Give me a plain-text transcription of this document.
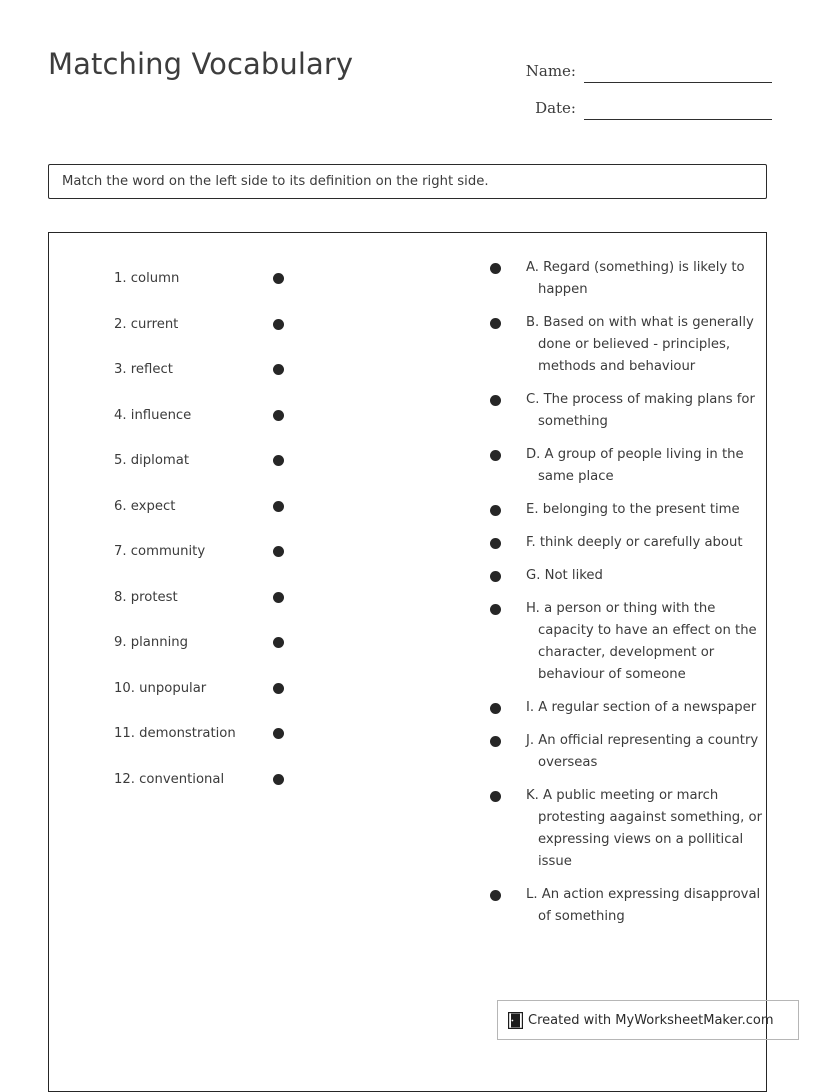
Matching Vocabulary	Name:
Date:
Match the word on the left side to its definition on the right side.
1. column
2. current
3. reflect
4. influence
5. diplomat
6. expect
7. community
8. protest
9. planning
10. unpopular
11. demonstration
12. conventional
A. Regard (something) is likely to happen
B. Based on with what is generally done or believed - principles, methods and behaviour
C. The process of making plans for something
D. A group of people living in the same place
E. belonging to the present time
F. think deeply or carefully about
G. Not liked
H. a person or thing with the capacity to have an effect on the character, development or behaviour of someone
I. A regular section of a newspaper
J. An official representing a country overseas
K. A public meeting or march protesting aagainst something, or expressing views on a pollitical issue
L. An action expressing disapproval of something
Created with MyWorksheetMaker.com
